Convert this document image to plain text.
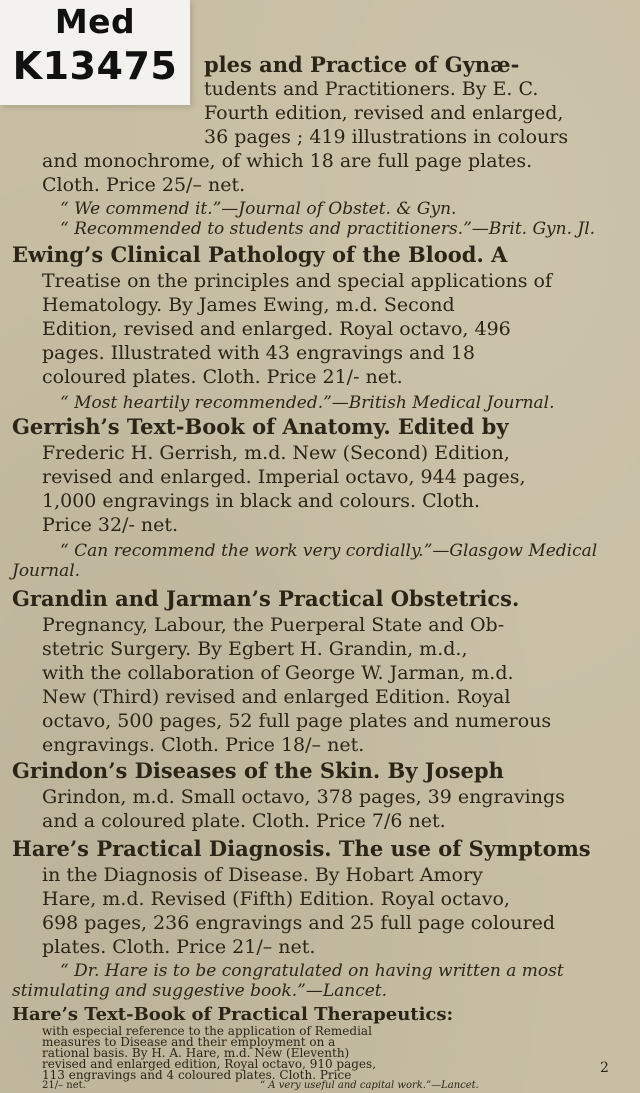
Med
K13475	ples and Practice of Gynæ-
tudents and Practitioners. By E. C.
Fourth edition, revised and enlarged,
36 pages ; 419 illustrations in colours
and monochrome, of which 18 are full page plates.
Cloth. Price 25/– net.
“ We commend it.”—Journal of Obstet. & Gyn.
“ Recommended to students and practitioners.”—Brit. Gyn. Jl.
Ewing’s Clinical Pathology of the Blood. A
Treatise on the principles and special applications of
Hematology. By James Ewing, m.d. Second
Edition, revised and enlarged. Royal octavo, 496
pages. Illustrated with 43 engravings and 18
coloured plates. Cloth. Price 21/- net.
“ Most heartily recommended.”—British Medical Journal.
Gerrish’s Text-Book of Anatomy. Edited by
Frederic H. Gerrish, m.d. New (Second) Edition,
revised and enlarged. Imperial octavo, 944 pages,
1,000 engravings in black and colours. Cloth.
Price 32/- net.
“ Can recommend the work very cordially.”—Glasgow Medical
Journal.
Grandin and Jarman’s Practical Obstetrics.
Pregnancy, Labour, the Puerperal State and Ob-
stetric Surgery. By Egbert H. Grandin, m.d.,
with the collaboration of George W. Jarman, m.d.
New (Third) revised and enlarged Edition. Royal
octavo, 500 pages, 52 full page plates and numerous
engravings. Cloth. Price 18/– net.
Grindon’s Diseases of the Skin. By Joseph
Grindon, m.d. Small octavo, 378 pages, 39 engravings
and a coloured plate. Cloth. Price 7/6 net.
Hare’s Practical Diagnosis. The use of Symptoms
in the Diagnosis of Disease. By Hobart Amory
Hare, m.d. Revised (Fifth) Edition. Royal octavo,
698 pages, 236 engravings and 25 full page coloured
plates. Cloth. Price 21/– net.
“ Dr. Hare is to be congratulated on having written a most
stimulating and suggestive book.”—Lancet.
Hare’s Text-Book of Practical Therapeutics:
with especial reference to the application of Remedial
measures to Disease and their employment on a
rational basis. By H. A. Hare, m.d. New (Eleventh)
revised and enlarged edition, Royal octavo, 910 pages,
113 engravings and 4 coloured plates. Cloth. Price
21/– net.	“ A very useful and capital work.”—Lancet.
2
